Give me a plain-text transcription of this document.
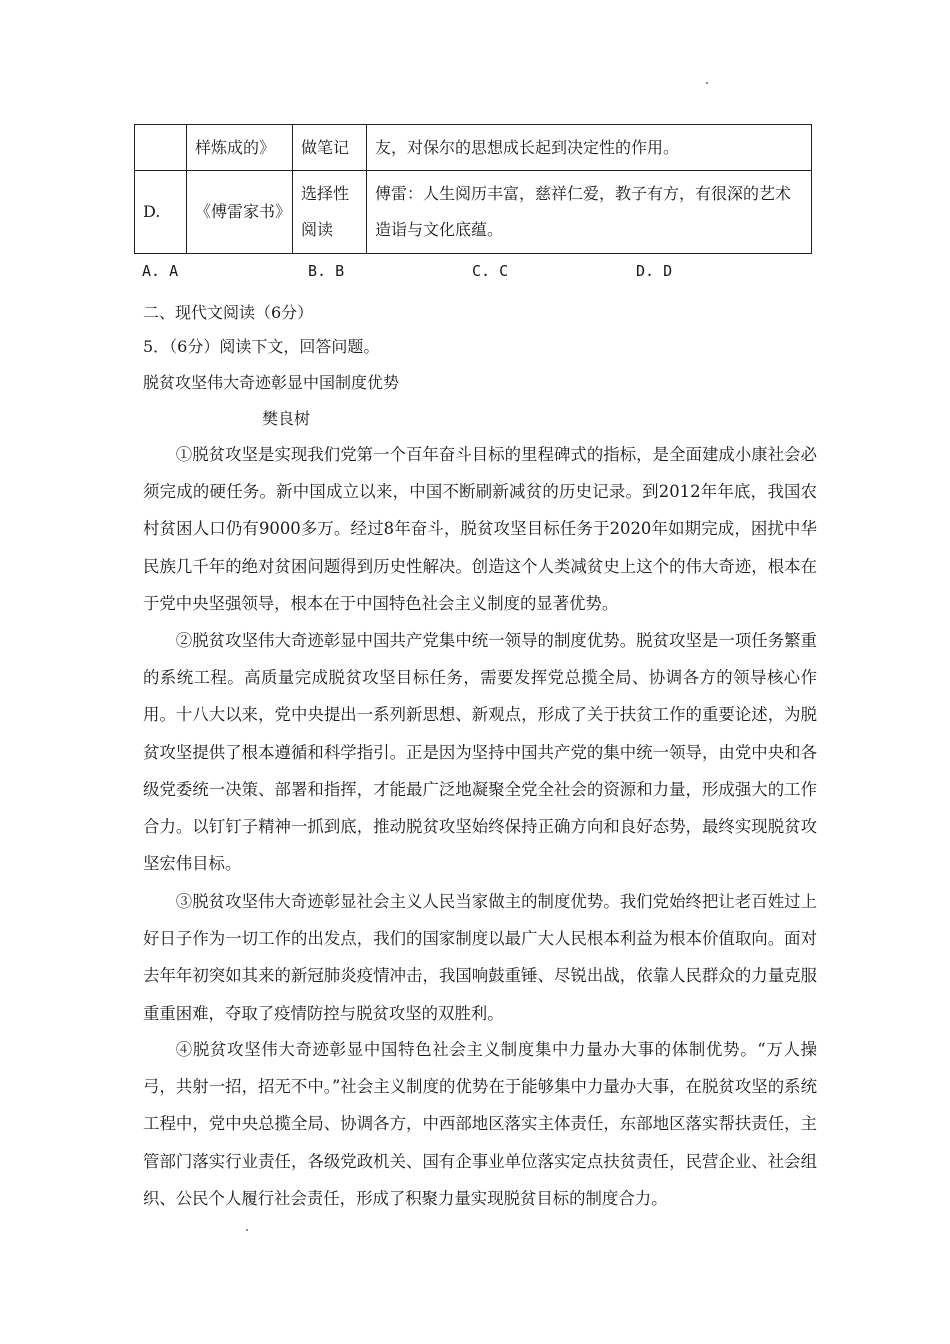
	样炼成的》	做笔记	友，对保尔的思想成长起到决定性的作用。
D.	《傅雷家书》	选择性阅读	傅雷：人生阅历丰富，慈祥仁爱，教子有方，有很深的艺术造诣与文化底蕴。
A. A	B. B	C. C	D. D
二、现代文阅读（6分）
5．（6分）阅读下文，回答问题。
脱贫攻坚伟大奇迹彰显中国制度优势
樊良树

①脱贫攻坚是实现我们党第一个百年奋斗目标的里程碑式的指标，是全面建成小康社会必须完成的硬任务。新中国成立以来，中国不断刷新减贫的历史记录。到2012年年底，我国农村贫困人口仍有9000多万。经过8年奋斗，脱贫攻坚目标任务于2020年如期完成，困扰中华民族几千年的绝对贫困问题得到历史性解决。创造这个人类减贫史上这个的伟大奇迹，根本在于党中央坚强领导，根本在于中国特色社会主义制度的显著优势。

②脱贫攻坚伟大奇迹彰显中国共产党集中统一领导的制度优势。脱贫攻坚是一项任务繁重的系统工程。高质量完成脱贫攻坚目标任务，需要发挥党总揽全局、协调各方的领导核心作用。十八大以来，党中央提出一系列新思想、新观点，形成了关于扶贫工作的重要论述，为脱贫攻坚提供了根本遵循和科学指引。正是因为坚持中国共产党的集中统一领导，由党中央和各级党委统一决策、部署和指挥，才能最广泛地凝聚全党全社会的资源和力量，形成强大的工作合力。以钉钉子精神一抓到底，推动脱贫攻坚始终保持正确方向和良好态势，最终实现脱贫攻坚宏伟目标。

③脱贫攻坚伟大奇迹彰显社会主义人民当家做主的制度优势。我们党始终把让老百姓过上好日子作为一切工作的出发点，我们的国家制度以最广大人民根本利益为根本价值取向。面对去年年初突如其来的新冠肺炎疫情冲击，我国响鼓重锤、尽锐出战，依靠人民群众的力量克服重重困难，夺取了疫情防控与脱贫攻坚的双胜利。

④脱贫攻坚伟大奇迹彰显中国特色社会主义制度集中力量办大事的体制优势。“万人操弓，共射一招，招无不中。”社会主义制度的优势在于能够集中力量办大事，在脱贫攻坚的系统工程中，党中央总揽全局、协调各方，中西部地区落实主体责任，东部地区落实帮扶责任，主管部门落实行业责任，各级党政机关、国有企事业单位落实定点扶贫责任，民营企业、社会组织、公民个人履行社会责任，形成了积聚力量实现脱贫目标的制度合力。
